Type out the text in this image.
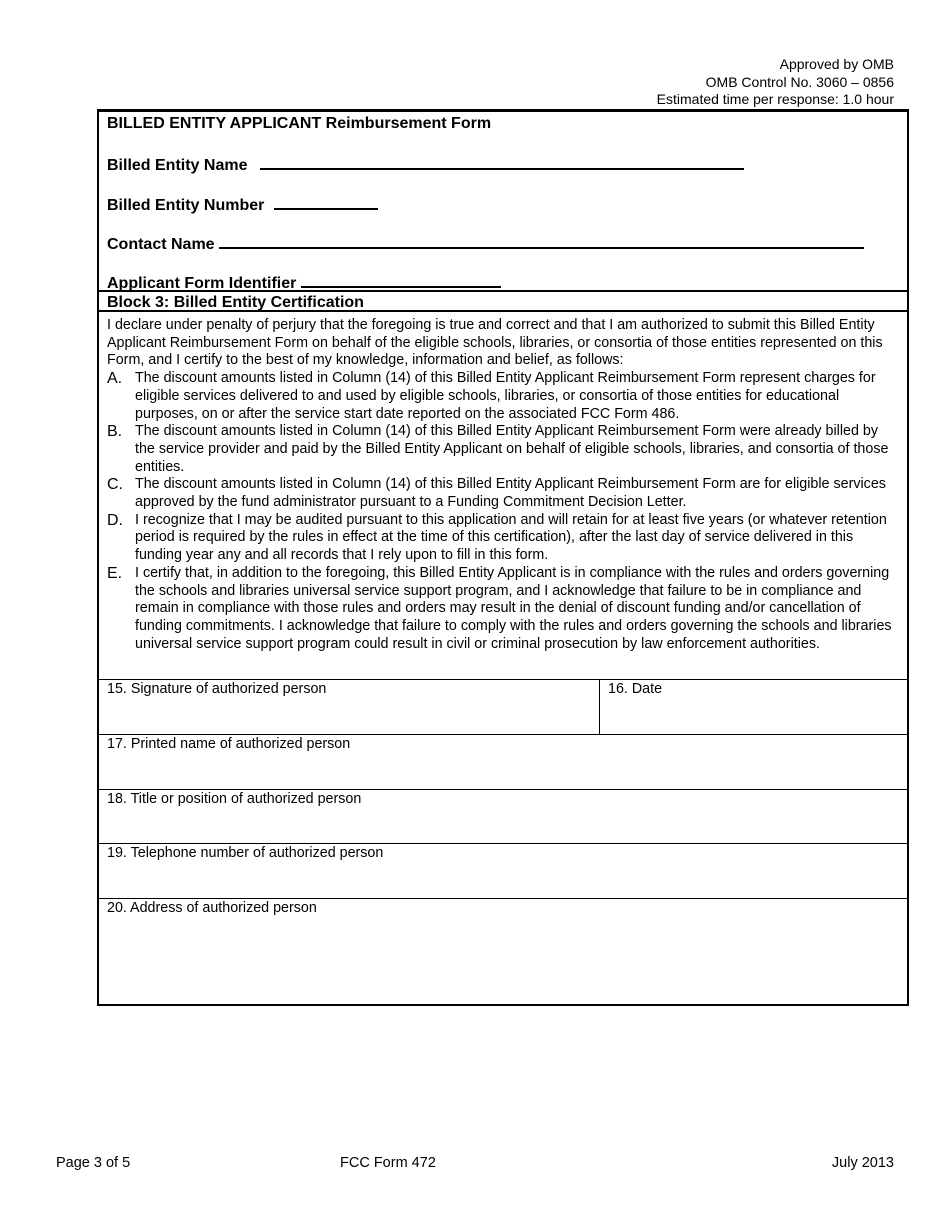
Approved by OMB
OMB Control No. 3060 – 0856
Estimated time per response: 1.0 hour
BILLED ENTITY APPLICANT Reimbursement Form
Billed Entity Name
Billed Entity Number
Contact Name
Applicant Form Identifier
Block 3: Billed Entity Certification

I declare under penalty of perjury that the foregoing is true and correct and that I am authorized to submit this Billed Entity Applicant Reimbursement Form on behalf of the eligible schools, libraries, or consortia of those entities represented on this Form, and I certify to the best of my knowledge, information and belief, as follows:

A. The discount amounts listed in Column (14) of this Billed Entity Applicant Reimbursement Form represent charges for eligible services delivered to and used by eligible schools, libraries, or consortia of those entities for educational purposes, on or after the service start date reported on the associated FCC Form 486.
B. The discount amounts listed in Column (14) of this Billed Entity Applicant Reimbursement Form were already billed by the service provider and paid by the Billed Entity Applicant on behalf of eligible schools, libraries, and consortia of those entities.
C. The discount amounts listed in Column (14) of this Billed Entity Applicant Reimbursement Form are for eligible services approved by the fund administrator pursuant to a Funding Commitment Decision Letter.
D. I recognize that I may be audited pursuant to this application and will retain for at least five years (or whatever retention period is required by the rules in effect at the time of this certification), after the last day of service delivered in this funding year any and all records that I rely upon to fill in this form.
E. I certify that, in addition to the foregoing, this Billed Entity Applicant is in compliance with the rules and orders governing the schools and libraries universal service support program, and I acknowledge that failure to be in compliance and remain in compliance with those rules and orders may result in the denial of discount funding and/or cancellation of funding commitments. I acknowledge that failure to comply with the rules and orders governing the schools and libraries universal service support program could result in civil or criminal prosecution by law enforcement authorities.
15. Signature of authorized person	16. Date
17. Printed name of authorized person
18. Title or position of authorized person
19. Telephone number of authorized person
20. Address of authorized person
Page 3 of 5	FCC Form 472	July 2013
